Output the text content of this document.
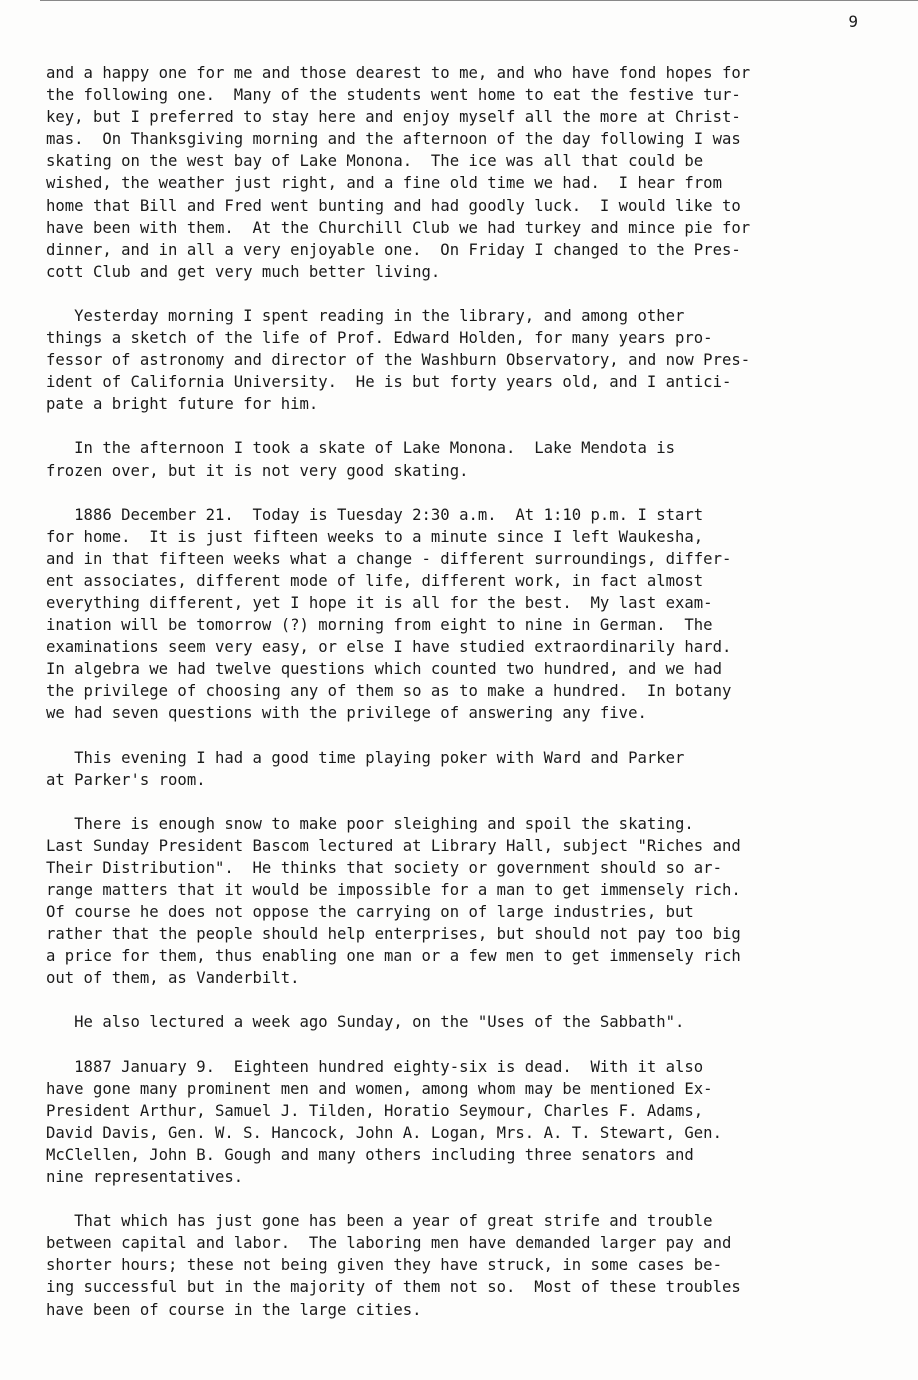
9
and a happy one for me and those dearest to me, and who have fond hopes for
the following one.  Many of the students went home to eat the festive tur-
key, but I preferred to stay here and enjoy myself all the more at Christ-
mas.  On Thanksgiving morning and the afternoon of the day following I was
skating on the west bay of Lake Monona.  The ice was all that could be
wished, the weather just right, and a fine old time we had.  I hear from
home that Bill and Fred went bunting and had goodly luck.  I would like to
have been with them.  At the Churchill Club we had turkey and mince pie for
dinner, and in all a very enjoyable one.  On Friday I changed to the Pres-
cott Club and get very much better living.
Yesterday morning I spent reading in the library, and among other
things a sketch of the life of Prof. Edward Holden, for many years pro-
fessor of astronomy and director of the Washburn Observatory, and now Pres-
ident of California University.  He is but forty years old, and I antici-
pate a bright future for him.
In the afternoon I took a skate of Lake Monona.  Lake Mendota is
frozen over, but it is not very good skating.
1886 December 21.  Today is Tuesday 2:30 a.m.  At 1:10 p.m. I start
for home.  It is just fifteen weeks to a minute since I left Waukesha,
and in that fifteen weeks what a change - different surroundings, differ-
ent associates, different mode of life, different work, in fact almost
everything different, yet I hope it is all for the best.  My last exam-
ination will be tomorrow (?) morning from eight to nine in German.  The
examinations seem very easy, or else I have studied extraordinarily hard.
In algebra we had twelve questions which counted two hundred, and we had
the privilege of choosing any of them so as to make a hundred.  In botany
we had seven questions with the privilege of answering any five.
This evening I had a good time playing poker with Ward and Parker
at Parker's room.
There is enough snow to make poor sleighing and spoil the skating.
Last Sunday President Bascom lectured at Library Hall, subject "Riches and
Their Distribution".  He thinks that society or government should so ar-
range matters that it would be impossible for a man to get immensely rich.
Of course he does not oppose the carrying on of large industries, but
rather that the people should help enterprises, but should not pay too big
a price for them, thus enabling one man or a few men to get immensely rich
out of them, as Vanderbilt.
He also lectured a week ago Sunday, on the "Uses of the Sabbath".
1887 January 9.  Eighteen hundred eighty-six is dead.  With it also
have gone many prominent men and women, among whom may be mentioned Ex-
President Arthur, Samuel J. Tilden, Horatio Seymour, Charles F. Adams,
David Davis, Gen. W. S. Hancock, John A. Logan, Mrs. A. T. Stewart, Gen.
McClellen, John B. Gough and many others including three senators and
nine representatives.
That which has just gone has been a year of great strife and trouble
between capital and labor.  The laboring men have demanded larger pay and
shorter hours; these not being given they have struck, in some cases be-
ing successful but in the majority of them not so.  Most of these troubles
have been of course in the large cities.
